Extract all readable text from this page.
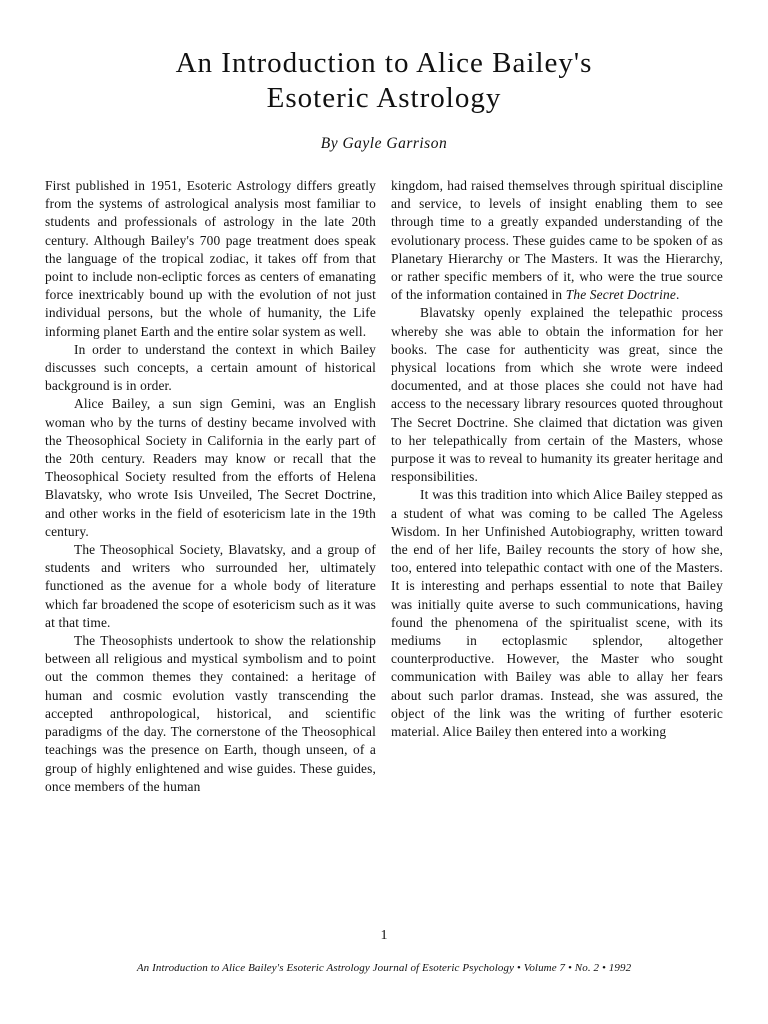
An Introduction to Alice Bailey's
Esoteric Astrology
By Gayle Garrison

First published in 1951, Esoteric Astrology differs greatly from the systems of astrological analysis most familiar to students and professionals of astrology in the late 20th century. Although Bailey's 700 page treatment does speak the language of the tropical zodiac, it takes off from that point to include non-ecliptic forces as centers of emanating force inextricably bound up with the evolution of not just individual persons, but the whole of humanity, the Life informing planet Earth and the entire solar system as well.

In order to understand the context in which Bailey discusses such concepts, a certain amount of historical background is in order.

Alice Bailey, a sun sign Gemini, was an English woman who by the turns of destiny became involved with the Theosophical Society in California in the early part of the 20th century. Readers may know or recall that the Theosophical Society resulted from the efforts of Helena Blavatsky, who wrote Isis Unveiled, The Secret Doctrine, and other works in the field of esotericism late in the 19th century.

The Theosophical Society, Blavatsky, and a group of students and writers who surrounded her, ultimately functioned as the avenue for a whole body of literature which far broadened the scope of esotericism such as it was at that time.

The Theosophists undertook to show the relationship between all religious and mystical symbolism and to point out the common themes they contained: a heritage of human and cosmic evolution vastly transcending the accepted anthropological, historical, and scientific paradigms of the day. The cornerstone of the Theosophical teachings was the presence on Earth, though unseen, of a group of highly enlightened and wise guides. These guides, once members of the human

kingdom, had raised themselves through spiritual discipline and service, to levels of insight enabling them to see through time to a greatly expanded understanding of the evolutionary process. These guides came to be spoken of as Planetary Hierarchy or The Masters. It was the Hierarchy, or rather specific members of it, who were the true source of the information contained in The Secret Doctrine.

Blavatsky openly explained the telepathic process whereby she was able to obtain the information for her books. The case for authenticity was great, since the physical locations from which she wrote were indeed documented, and at those places she could not have had access to the necessary library resources quoted throughout The Secret Doctrine. She claimed that dictation was given to her telepathically from certain of the Masters, whose purpose it was to reveal to humanity its greater heritage and responsibilities.

It was this tradition into which Alice Bailey stepped as a student of what was coming to be called The Ageless Wisdom. In her Unfinished Autobiography, written toward the end of her life, Bailey recounts the story of how she, too, entered into telepathic contact with one of the Masters. It is interesting and perhaps essential to note that Bailey was initially quite averse to such communications, having found the phenomena of the spiritualist scene, with its mediums in ectoplasmic splendor, altogether counterproductive. However, the Master who sought communication with Bailey was able to allay her fears about such parlor dramas. Instead, she was assured, the object of the link was the writing of further esoteric material. Alice Bailey then entered into a working

1
An Introduction to Alice Bailey's Esoteric Astrology Journal of Esoteric Psychology • Volume 7 • No. 2 • 1992
